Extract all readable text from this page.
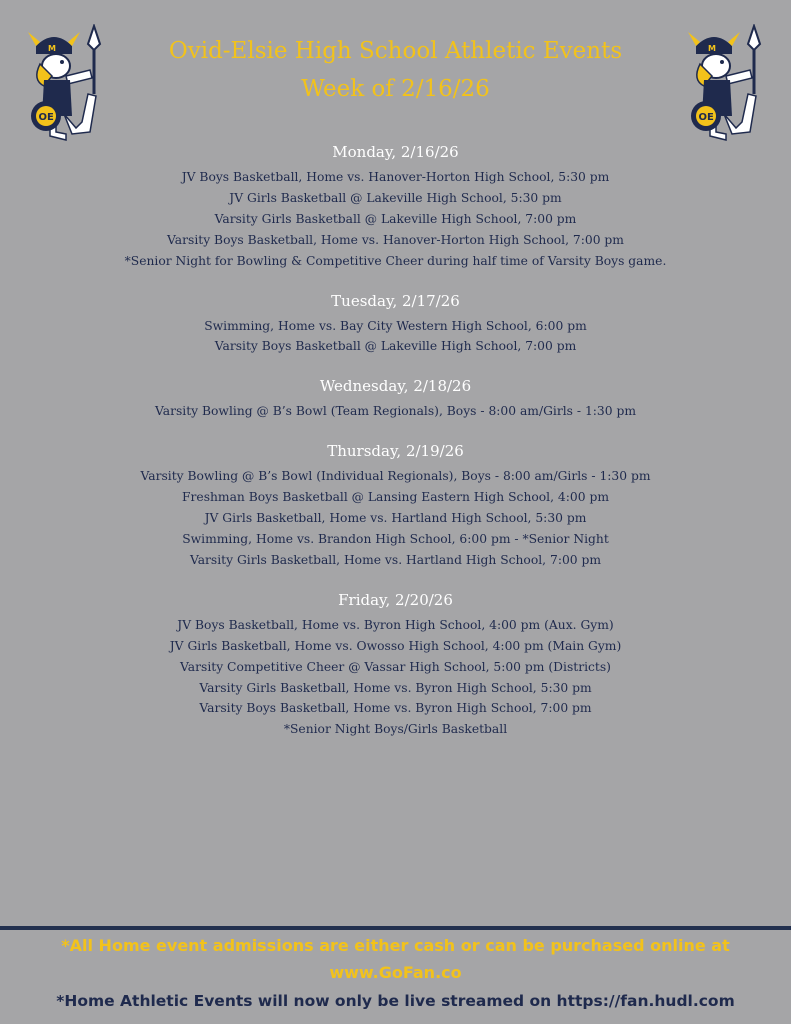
M
OE
M
OE
Ovid-Elsie High School Athletic Events
Week of 2/16/26
Monday, 2/16/26
JV Boys Basketball, Home vs. Hanover-Horton High School, 5:30 pm
JV Girls Basketball @ Lakeville High School, 5:30 pm
Varsity Girls Basketball @ Lakeville High School, 7:00 pm
Varsity Boys Basketball, Home vs. Hanover-Horton High School, 7:00 pm
*Senior Night for Bowling & Competitive Cheer during half time of Varsity Boys game.
Tuesday, 2/17/26
Swimming, Home vs. Bay City Western High School, 6:00 pm
Varsity Boys Basketball @ Lakeville High School, 7:00 pm
Wednesday, 2/18/26
Varsity Bowling @ B’s Bowl (Team Regionals), Boys - 8:00 am/Girls - 1:30 pm
Thursday, 2/19/26
Varsity Bowling @ B’s Bowl (Individual Regionals), Boys - 8:00 am/Girls - 1:30 pm
Freshman Boys Basketball @ Lansing Eastern High School, 4:00 pm
JV Girls Basketball, Home vs. Hartland High School, 5:30 pm
Swimming, Home vs. Brandon High School, 6:00 pm - *Senior Night
Varsity Girls Basketball, Home vs. Hartland High School, 7:00 pm
Friday, 2/20/26
JV Boys Basketball, Home vs. Byron High School, 4:00 pm (Aux. Gym)
JV Girls Basketball, Home vs. Owosso High School, 4:00 pm (Main Gym)
Varsity Competitive Cheer @ Vassar High School, 5:00 pm (Districts)
Varsity Girls Basketball, Home vs. Byron High School, 5:30 pm
Varsity Boys Basketball, Home vs. Byron High School, 7:00 pm
*Senior Night Boys/Girls Basketball
*All Home event admissions are either cash or can be purchased online at
www.GoFan.co
*Home Athletic Events will now only be live streamed on https://fan.hudl.com
